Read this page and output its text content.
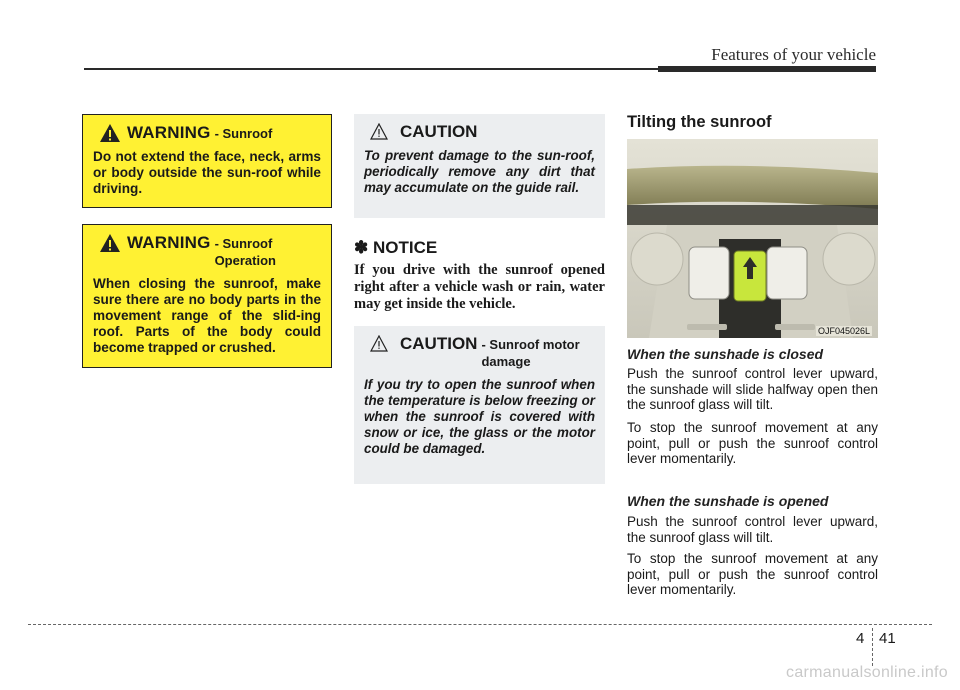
Features of your vehicle
WARNING - Sunroof
Do not extend the face, neck, arms or body outside the sun-roof while driving.
WARNING - Sunroof Operation
When closing the sunroof, make sure there are no body parts in the movement range of the slid-ing roof. Parts of the body could become trapped or crushed.
CAUTION
To prevent damage to the sun-roof, periodically remove any dirt that may accumulate on the guide rail.
✽ NOTICE
If you drive with the sunroof opened right after a vehicle wash or rain, water may get inside the vehicle.
CAUTION - Sunroof motor damage
If you try to open the sunroof when the temperature is below freezing or when the sunroof is covered with snow or ice, the glass or the motor could be damaged.
Tilting the sunroof
OJF045026L
When the sunshade is closed
Push the sunroof control lever upward, the sunshade will slide halfway open then the sunroof glass will tilt.
To stop the sunroof movement at any point, pull or push the sunroof control lever momentarily.
When the sunshade is opened
Push the sunroof control lever upward, the sunroof glass will tilt.
To stop the sunroof movement at any point, pull or push the sunroof control lever momentarily.
4 41
carmanualsonline.info
